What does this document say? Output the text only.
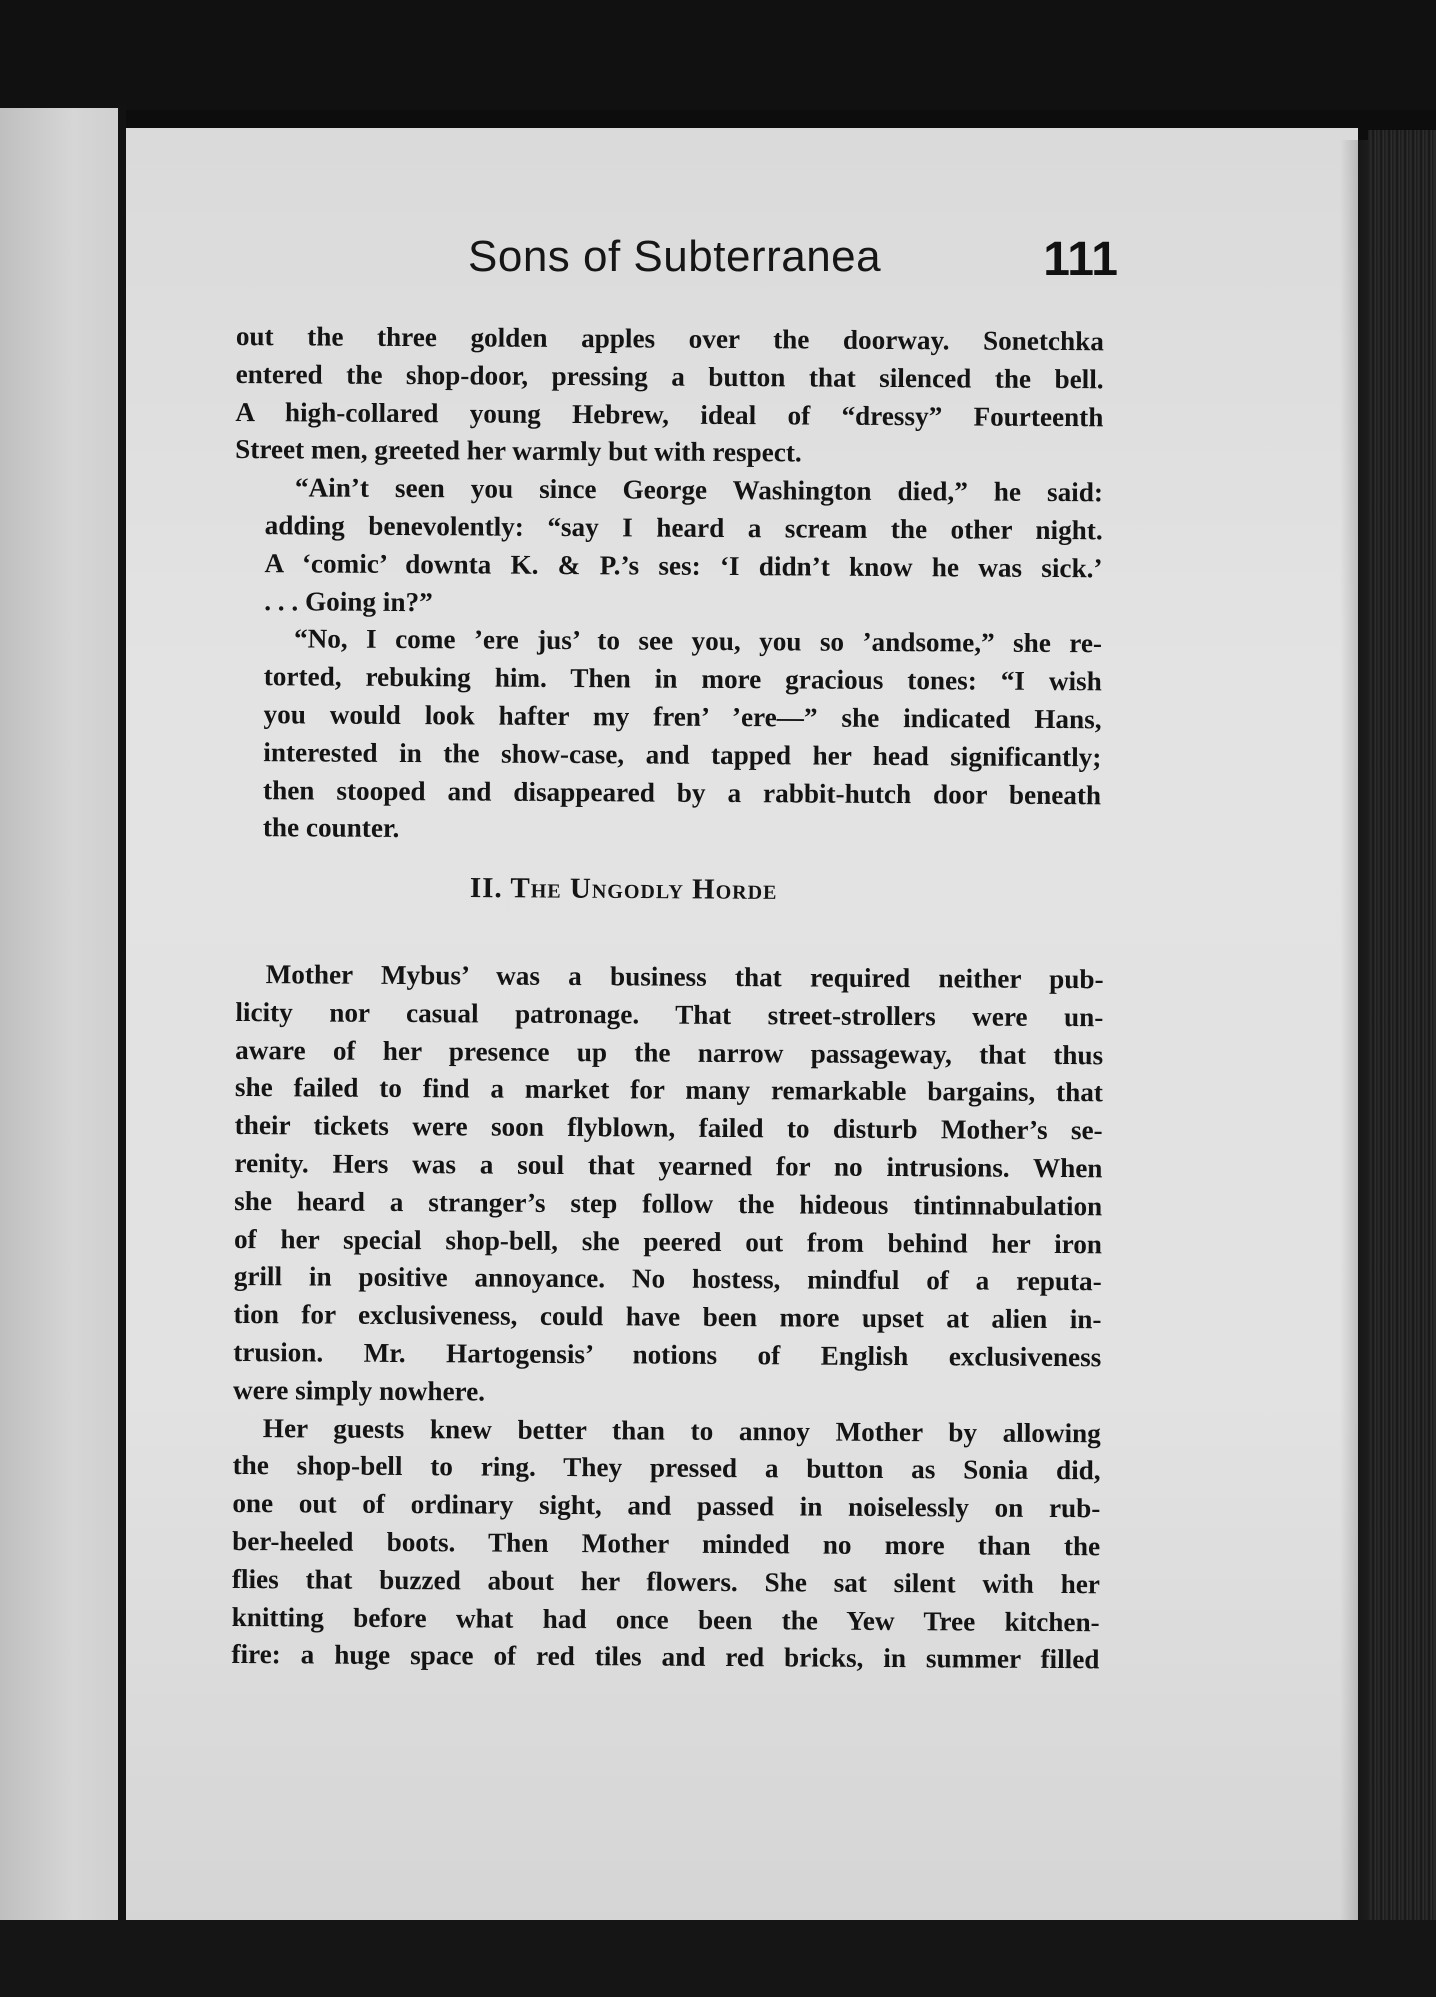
Sons of Subterranea	111

out the three golden apples over the doorway. Sonetchka
entered the shop-door, pressing a button that silenced the bell.
A high-collared young Hebrew, ideal of “dressy” Fourteenth
Street men, greeted her warmly but with respect.

“Ain’t seen you since George Washington died,” he said:
adding benevolently: “say I heard a scream the other night.
A ‘comic’ downta K. & P.’s ses: ‘I didn’t know he was sick.’
. . . Going in?”

“No, I come ’ere jus’ to see you, you so ’andsome,” she re-
torted, rebuking him. Then in more gracious tones: “I wish
you would look hafter my fren’ ’ere—” she indicated Hans,
interested in the show-case, and tapped her head significantly;
then stooped and disappeared by a rabbit-hutch door beneath
the counter.

II. The Ungodly Horde

Mother Mybus’ was a business that required neither pub-
licity nor casual patronage. That street-strollers were un-
aware of her presence up the narrow passageway, that thus
she failed to find a market for many remarkable bargains, that
their tickets were soon flyblown, failed to disturb Mother’s se-
renity. Hers was a soul that yearned for no intrusions. When
she heard a stranger’s step follow the hideous tintinnabulation
of her special shop-bell, she peered out from behind her iron
grill in positive annoyance. No hostess, mindful of a reputa-
tion for exclusiveness, could have been more upset at alien in-
trusion. Mr. Hartogensis’ notions of English exclusiveness
were simply nowhere.

Her guests knew better than to annoy Mother by allowing
the shop-bell to ring. They pressed a button as Sonia did,
one out of ordinary sight, and passed in noiselessly on rub-
ber-heeled boots. Then Mother minded no more than the
flies that buzzed about her flowers. She sat silent with her
knitting before what had once been the Yew Tree kitchen-
fire: a huge space of red tiles and red bricks, in summer filled
